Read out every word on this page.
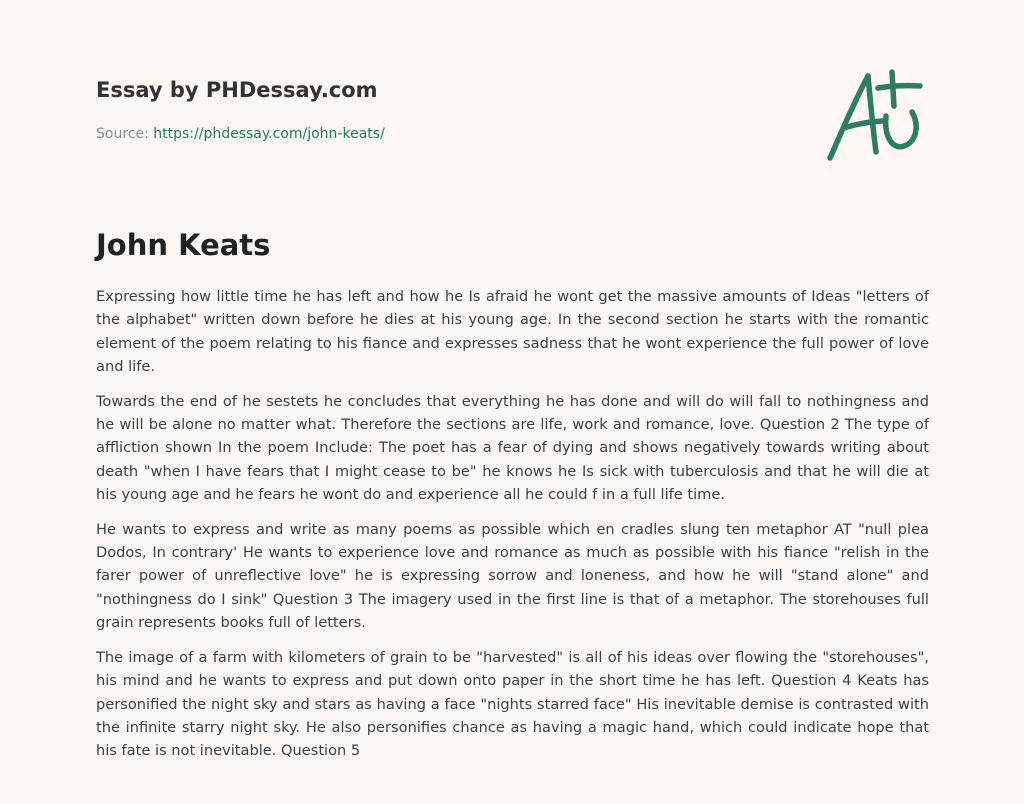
Essay by PHDessay.com
Source: https://phdessay.com/john-keats/
John Keats

Expressing how little time he has left and how he Is afraid he wont get the massive amounts of Ideas "letters of the alphabet" written down before he dies at his young age. In the second section he starts with the romantic element of the poem relating to his fiance and expresses sadness that he wont experience the full power of love and life.

Towards the end of he sestets he concludes that everything he has done and will do will fall to nothingness and he will be alone no matter what. Therefore the sections are life, work and romance, love. Question 2 The type of affliction shown In the poem Include: The poet has a fear of dying and shows negatively towards writing about death "when I have fears that I might cease to be" he knows he Is sick with tuberculosis and that he will die at his young age and he fears he wont do and experience all he could f in a full life time.

He wants to express and write as many poems as possible which en cradles slung ten metaphor AT "null plea Dodos, In contrary' He wants to experience love and romance as much as possible with his fiance "relish in the farer power of unreflective love" he is expressing sorrow and loneness, and how he will "stand alone" and "nothingness do I sink" Question 3 The imagery used in the first line is that of a metaphor. The storehouses full grain represents books full of letters.

The image of a farm with kilometers of grain to be "harvested" is all of his ideas over flowing the "storehouses", his mind and he wants to express and put down onto paper in the short time he has left. Question 4 Keats has personified the night sky and stars as having a face "nights starred face" His inevitable demise is contrasted with the infinite starry night sky. He also personifies chance as having a magic hand, which could indicate hope that his fate is not inevitable. Question 5
